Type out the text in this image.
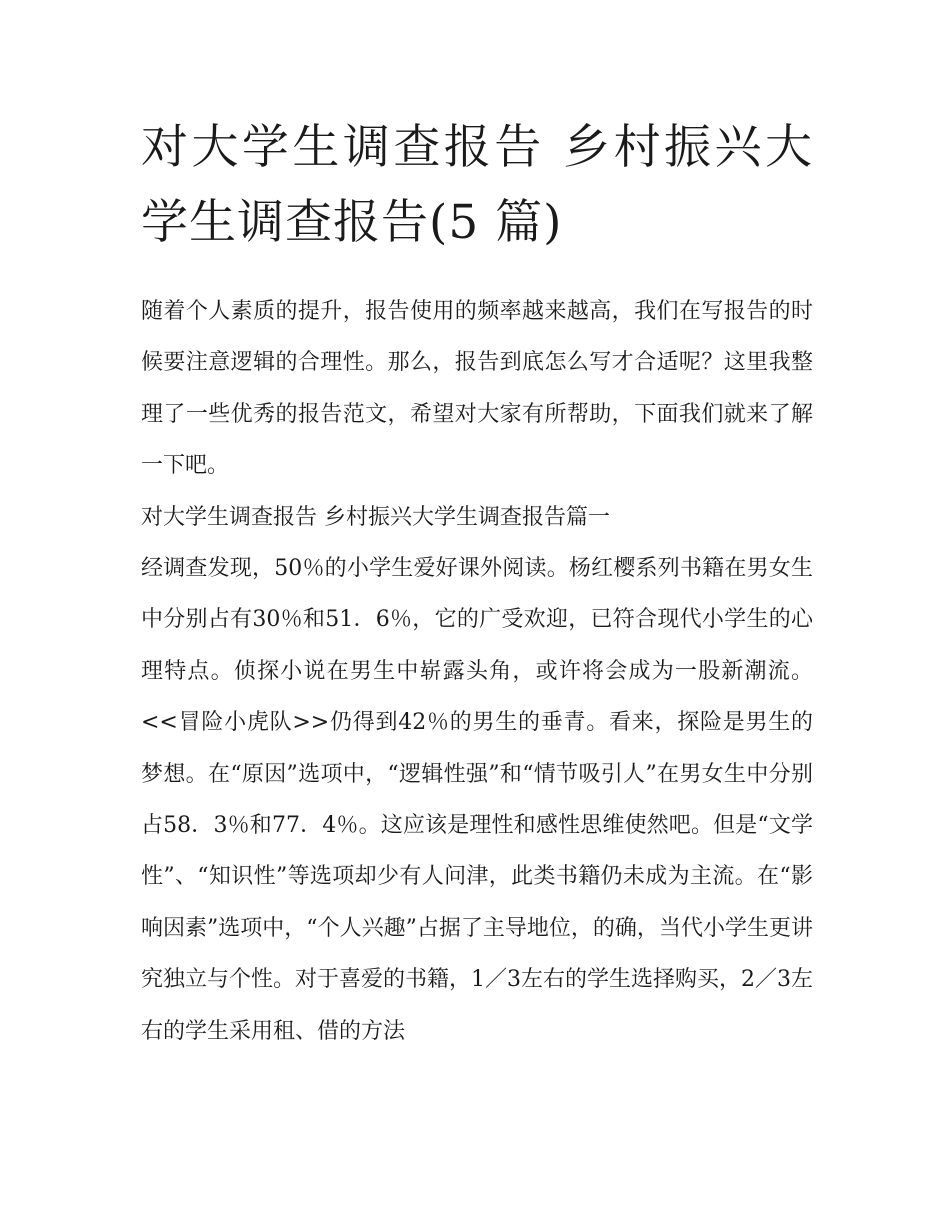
对大学生调查报告 乡村振兴大学生调查报告(5 篇)

随着个人素质的提升，报告使用的频率越来越高，我们在写报告的时候要注意逻辑的合理性。那么，报告到底怎么写才合适呢？这里我整理了一些优秀的报告范文，希望对大家有所帮助，下面我们就来了解一下吧。

对大学生调查报告 乡村振兴大学生调查报告篇一

经调查发现，50％的小学生爱好课外阅读。杨红樱系列书籍在男女生中分别占有30％和51．6％，它的广受欢迎，已符合现代小学生的心理特点。侦探小说在男生中崭露头角，或许将会成为一股新潮流。<<冒险小虎队>>仍得到42％的男生的垂青。看来，探险是男生的梦想。在“原因”选项中，“逻辑性强”和“情节吸引人”在男女生中分别占58．3％和77．4％。这应该是理性和感性思维使然吧。但是“文学性”、“知识性”等选项却少有人问津，此类书籍仍未成为主流。在“影响因素”选项中，“个人兴趣”占据了主导地位，的确，当代小学生更讲究独立与个性。对于喜爱的书籍，1／3左右的学生选择购买，2／3左右的学生采用租、借的方法
